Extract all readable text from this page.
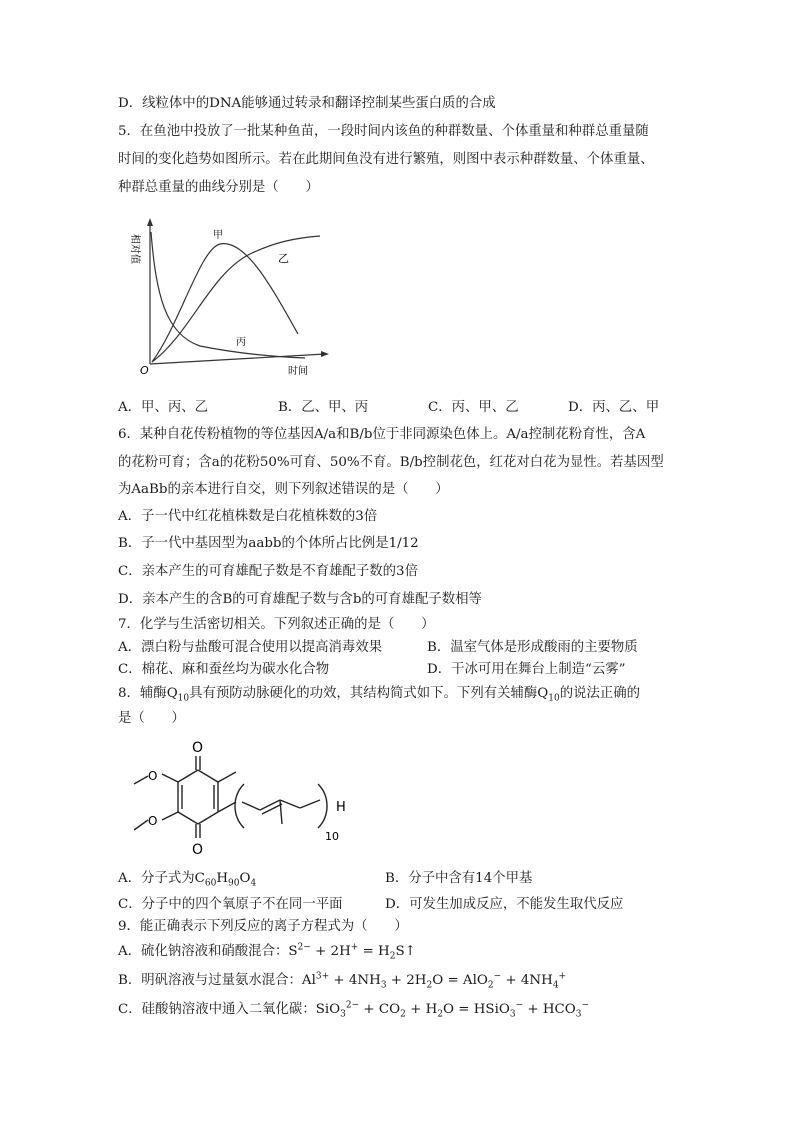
D．线粒体中的DNA能够通过转录和翻译控制某些蛋白质的合成
5．在鱼池中投放了一批某种鱼苗，一段时间内该鱼的种群数量、个体重量和种群总重量随
时间的变化趋势如图所示。若在此期间鱼没有进行繁殖，则图中表示种群数量、个体重量、
种群总重量的曲线分别是（　　）
相对值
时间
O
甲
乙
丙
A．甲、丙、乙	B．乙、甲、丙	C．丙、甲、乙	D．丙、乙、甲
6．某种自花传粉植物的等位基因A/a和B/b位于非同源染色体上。A/a控制花粉育性，含A
的花粉可育；含a的花粉50%可育、50%不育。B/b控制花色，红花对白花为显性。若基因型
为AaBb的亲本进行自交，则下列叙述错误的是（　　）
A．子一代中红花植株数是白花植株数的3倍
B．子一代中基因型为aabb的个体所占比例是1/12
C．亲本产生的可育雄配子数是不育雄配子数的3倍
D．亲本产生的含B的可育雄配子数与含b的可育雄配子数相等
7．化学与生活密切相关。下列叙述正确的是（　　）
A．漂白粉与盐酸可混合使用以提高消毒效果	B．温室气体是形成酸雨的主要物质
C．棉花、麻和蚕丝均为碳水化合物	D．干冰可用在舞台上制造“云雾”
8．辅酶$Q_{10}$具有预防动脉硬化的功效，其结构简式如下。下列有关辅酶$Q_{10}$的说法正确的
是（　　）
O
O
O
O
H
10
A．分子式为$C_{60}H_{90}O_4$	B．分子中含有14个甲基
C．分子中的四个氧原子不在同一平面	D．可发生加成反应，不能发生取代反应
9．能正确表示下列反应的离子方程式为（　　）
A．硫化钠溶液和硝酸混合：$S^{2-} + 2H^+$ = $H_2S↑$
B．明矾溶液与过量氨水混合：$Al^{3+} + 4NH_3 + 2H_2O = AlO_2^- + 4NH_4^+$
C．硅酸钠溶液中通入二氧化碳：$SiO_3^{2-} + CO_2 + H_2O$ = HSiO$_3$− + $HCO_3^-$
